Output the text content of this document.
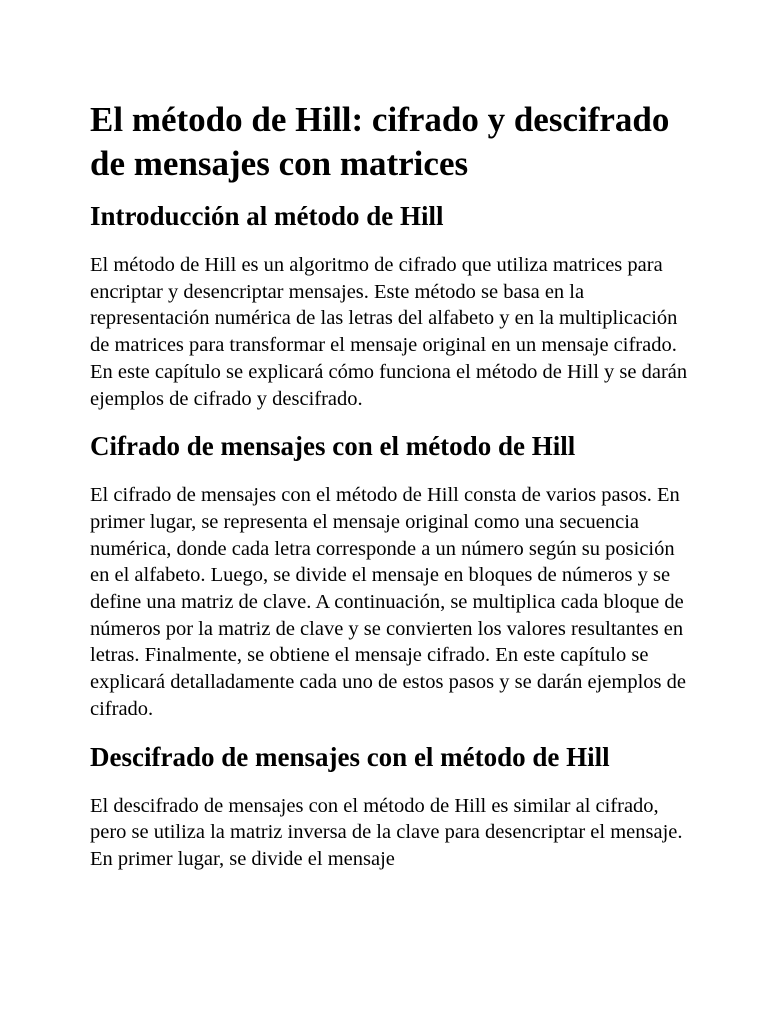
El método de Hill: cifrado y descifrado de mensajes con matrices
Introducción al método de Hill

El método de Hill es un algoritmo de cifrado que utiliza matrices para encriptar y desencriptar mensajes. Este método se basa en la representación numérica de las letras del alfabeto y en la multiplicación de matrices para transformar el mensaje original en un mensaje cifrado. En este capítulo se explicará cómo funciona el método de Hill y se darán ejemplos de cifrado y descifrado.

Cifrado de mensajes con el método de Hill

El cifrado de mensajes con el método de Hill consta de varios pasos. En primer lugar, se representa el mensaje original como una secuencia numérica, donde cada letra corresponde a un número según su posición en el alfabeto. Luego, se divide el mensaje en bloques de números y se define una matriz de clave. A continuación, se multiplica cada bloque de números por la matriz de clave y se convierten los valores resultantes en letras. Finalmente, se obtiene el mensaje cifrado. En este capítulo se explicará detalladamente cada uno de estos pasos y se darán ejemplos de cifrado.

Descifrado de mensajes con el método de Hill

El descifrado de mensajes con el método de Hill es similar al cifrado, pero se utiliza la matriz inversa de la clave para desencriptar el mensaje. En primer lugar, se divide el mensaje
